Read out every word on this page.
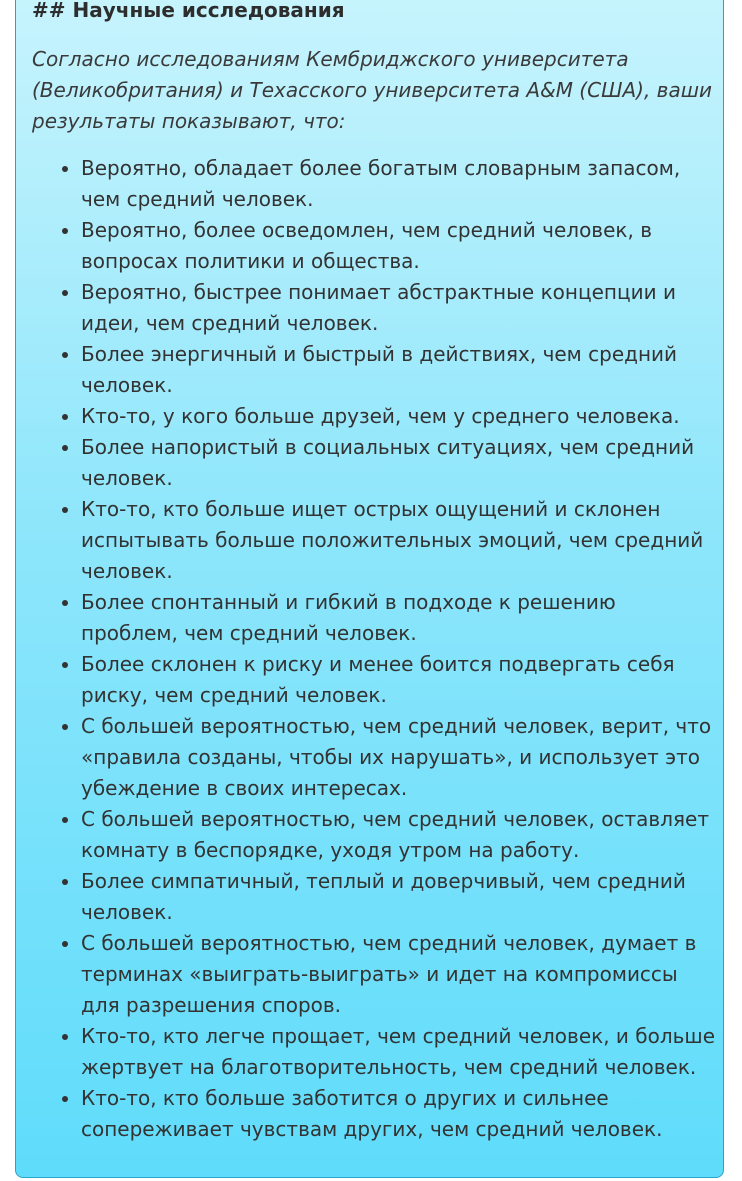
## Научные исследования

Согласно исследованиям Кембриджского университета (Великобритания) и Техасского университета A&M (США), ваши результаты показывают, что:

Вероятно, обладает более богатым словарным запасом, чем средний человек.
Вероятно, более осведомлен, чем средний человек, в вопросах политики и общества.
Вероятно, быстрее понимает абстрактные концепции и идеи, чем средний человек.
Более энергичный и быстрый в действиях, чем средний человек.
Кто-то, у кого больше друзей, чем у среднего человека.
Более напористый в социальных ситуациях, чем средний человек.
Кто-то, кто больше ищет острых ощущений и склонен испытывать больше положительных эмоций, чем средний человек.
Более спонтанный и гибкий в подходе к решению проблем, чем средний человек.
Более склонен к риску и менее боится подвергать себя риску, чем средний человек.
С большей вероятностью, чем средний человек, верит, что «правила созданы, чтобы их нарушать», и использует это убеждение в своих интересах.
С большей вероятностью, чем средний человек, оставляет комнату в беспорядке, уходя утром на работу.
Более симпатичный, теплый и доверчивый, чем средний человек.
С большей вероятностью, чем средний человек, думает в терминах «выиграть-выиграть» и идет на компромиссы для разрешения споров.
Кто-то, кто легче прощает, чем средний человек, и больше жертвует на благотворительность, чем средний человек.
Кто-то, кто больше заботится о других и сильнее сопереживает чувствам других, чем средний человек.
